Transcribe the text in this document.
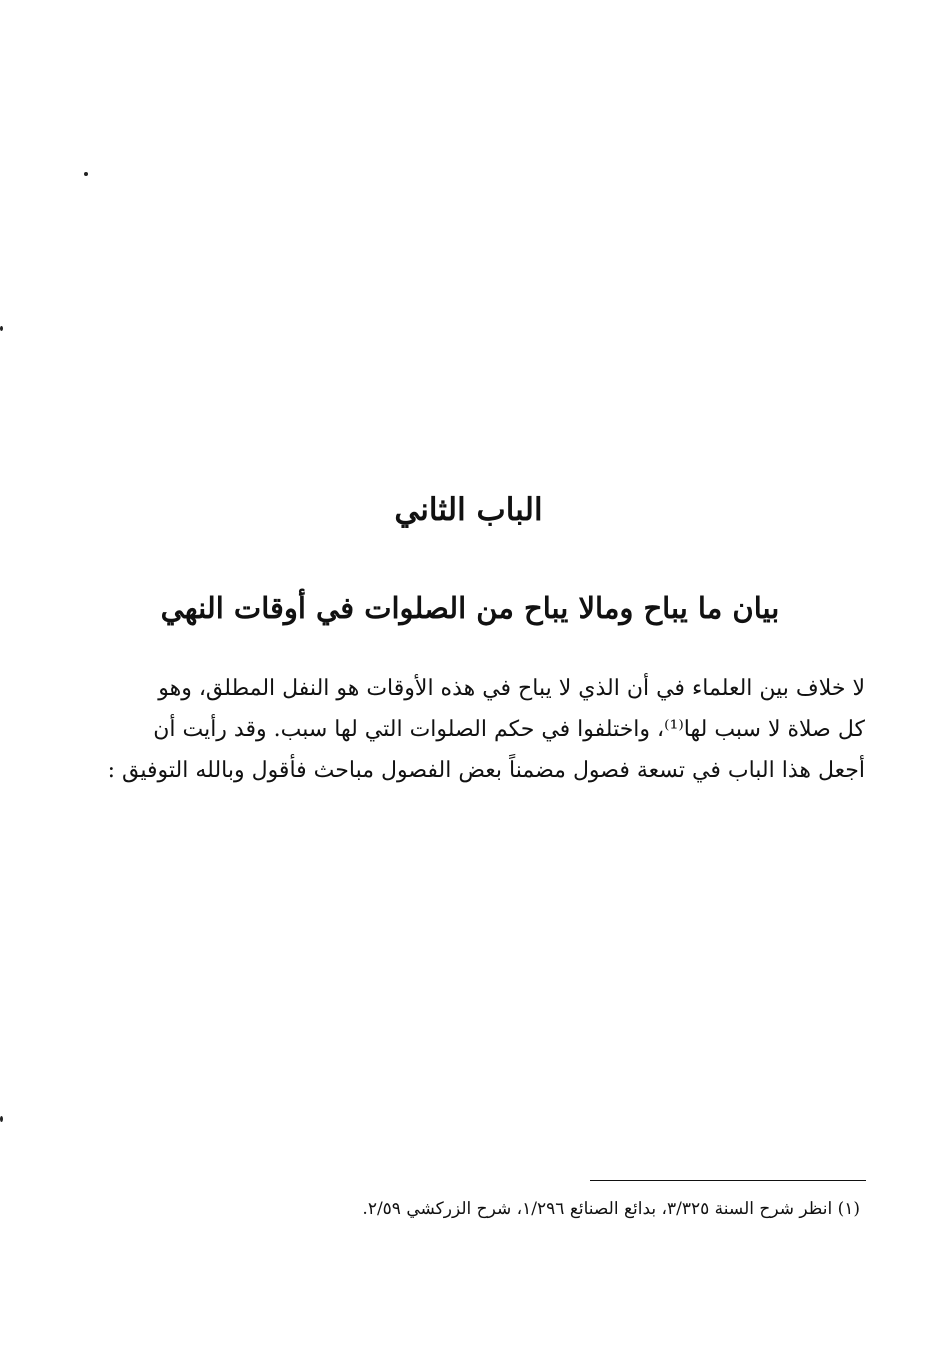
الباب الثاني
بيان ما يباح ومالا يباح من الصلوات في أوقات النهي
لا خلاف بين العلماء في أن الذي لا يباح في هذه الأوقات هو النفل المطلق، وهو
كل صلاة لا سبب لها⁽¹⁾، واختلفوا في حكم الصلوات التي لها سبب. وقد رأيت أن
أجعل هذا الباب في تسعة فصول مضمناً بعض الفصول مباحث فأقول وبالله التوفيق :
(١) انظر شرح السنة ٣/٣٢٥، بدائع الصنائع ١/٢٩٦، شرح الزركشي ٢/٥٩.
